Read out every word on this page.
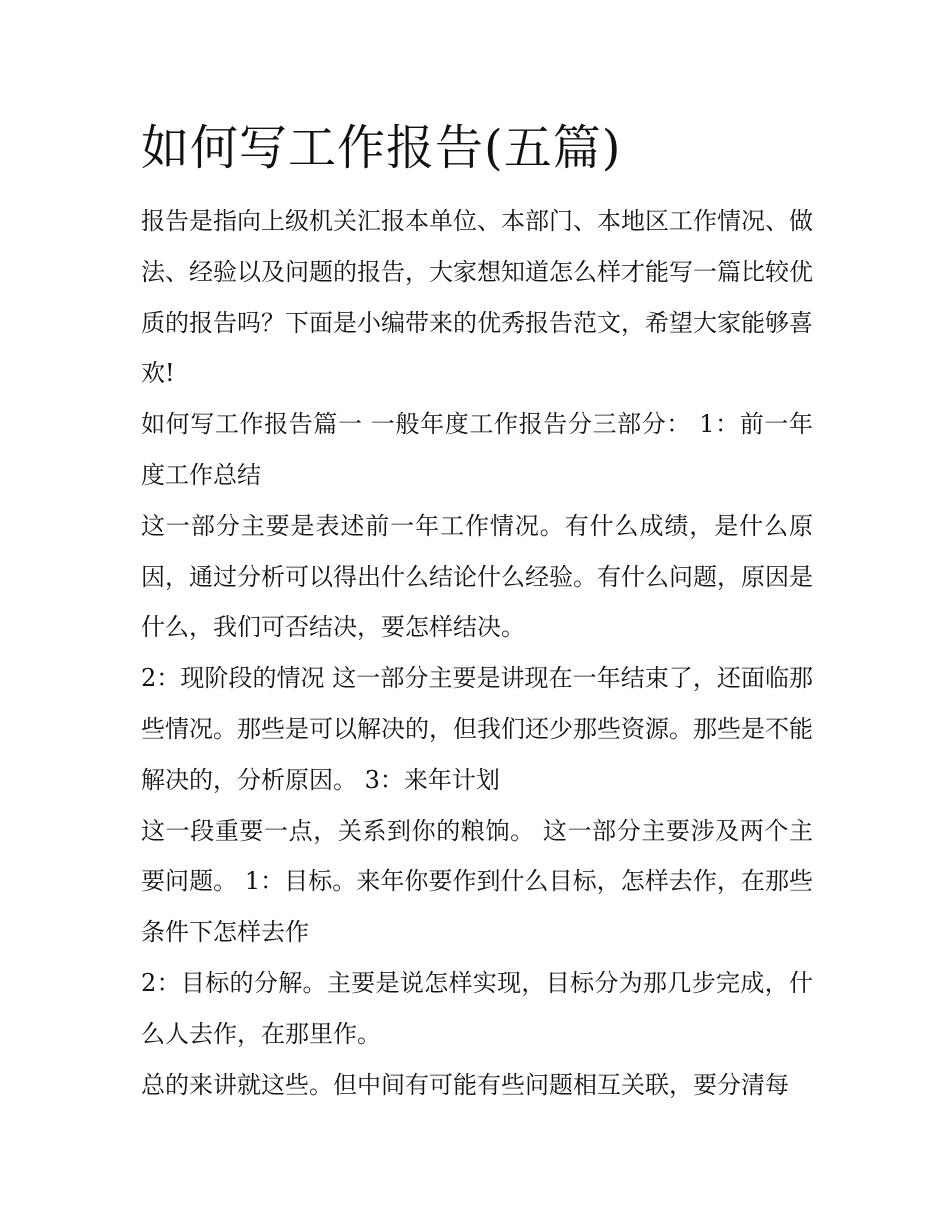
如何写工作报告(五篇)

报告是指向上级机关汇报本单位、本部门、本地区工作情况、做法、经验以及问题的报告，大家想知道怎么样才能写一篇比较优质的报告吗？下面是小编带来的优秀报告范文，希望大家能够喜欢!

如何写工作报告篇一 一般年度工作报告分三部分： 1：前一年度工作总结

这一部分主要是表述前一年工作情况。有什么成绩，是什么原因，通过分析可以得出什么结论什么经验。有什么问题，原因是什么，我们可否结决，要怎样结决。

2：现阶段的情况 这一部分主要是讲现在一年结束了，还面临那些情况。那些是可以解决的，但我们还少那些资源。那些是不能解决的，分析原因。 3：来年计划

这一段重要一点，关系到你的粮饷。 这一部分主要涉及两个主要问题。 1：目标。来年你要作到什么目标，怎样去作，在那些条件下怎样去作

2：目标的分解。主要是说怎样实现，目标分为那几步完成，什么人去作，在那里作。

总的来讲就这些。但中间有可能有些问题相互关联，要分清每
